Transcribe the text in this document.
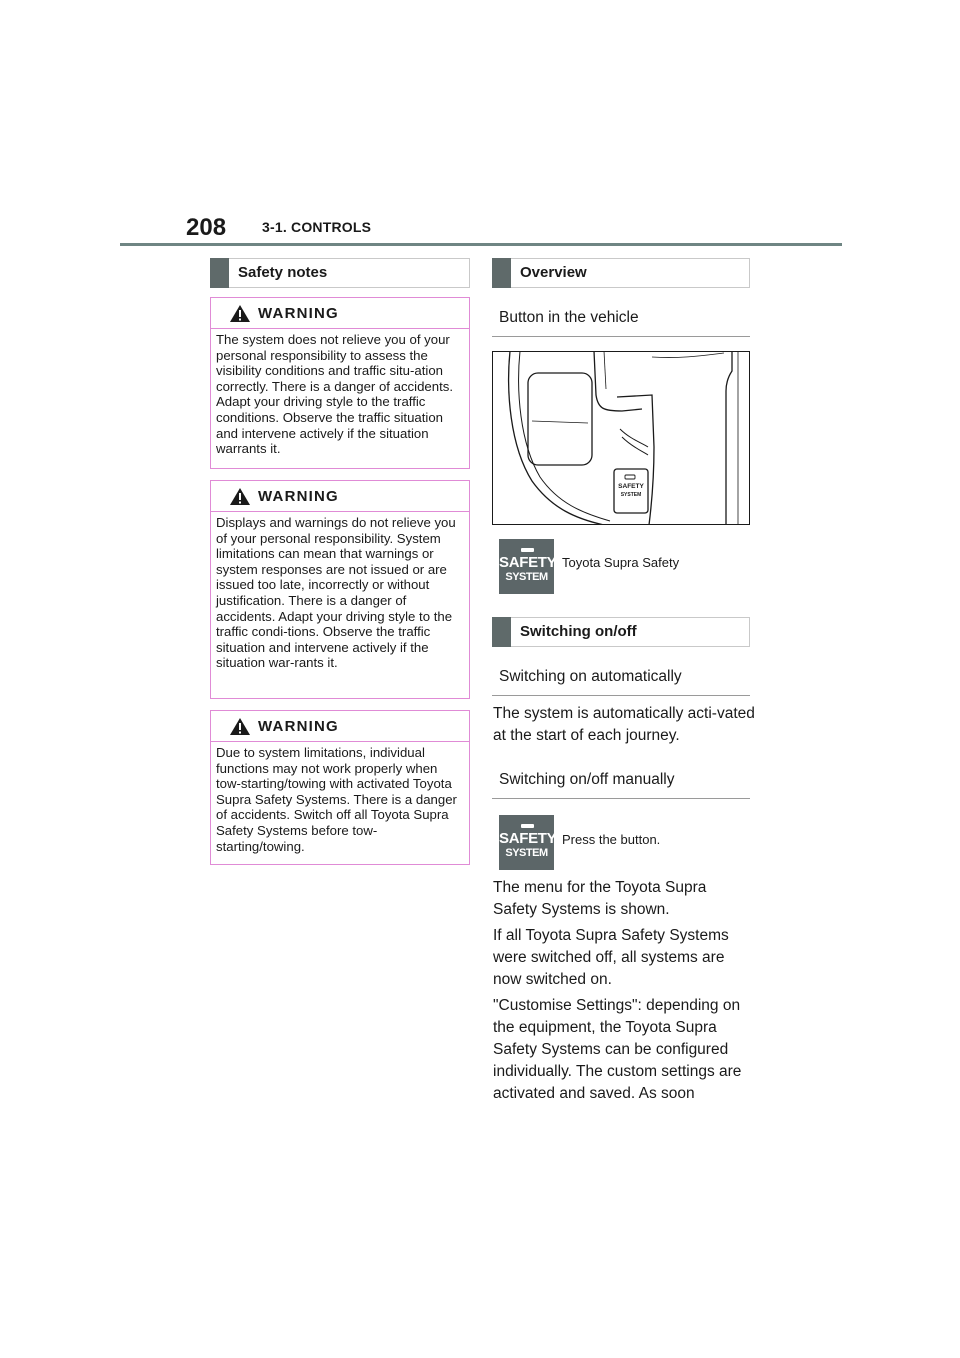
208	3-1. CONTROLS
Safety notes
WARNING
The system does not relieve you of your personal responsibility to assess the visibility conditions and traffic situ-ation correctly. There is a danger of accidents. Adapt your driving style to the traffic conditions. Observe the traffic situation and intervene actively if the situation warrants it.
WARNING
Displays and warnings do not relieve you of your personal responsibility. System limitations can mean that warnings or system responses are not issued or are issued too late, incorrectly or without justification. There is a danger of accidents. Adapt your driving style to the traffic condi-tions. Observe the traffic situation and intervene actively if the situation war-rants it.
WARNING
Due to system limitations, individual functions may not work properly when tow-starting/towing with activated Toyota Supra Safety Systems. There is a danger of accidents. Switch off all Toyota Supra Safety Systems before tow-starting/towing.
Overview
Button in the vehicle
SAFETY
SYSTEM
SAFETY
SYSTEM
Toyota Supra Safety
Switching on/off
Switching on automatically

The system is automatically acti-vated at the start of each journey.

Switching on/off manually
SAFETY
SYSTEM
Press the button.

The menu for the Toyota Supra Safety Systems is shown.

If all Toyota Supra Safety Systems were switched off, all systems are now switched on.

"Customise Settings": depending on the equipment, the Toyota Supra Safety Systems can be configured individually. The custom settings are activated and saved. As soon
